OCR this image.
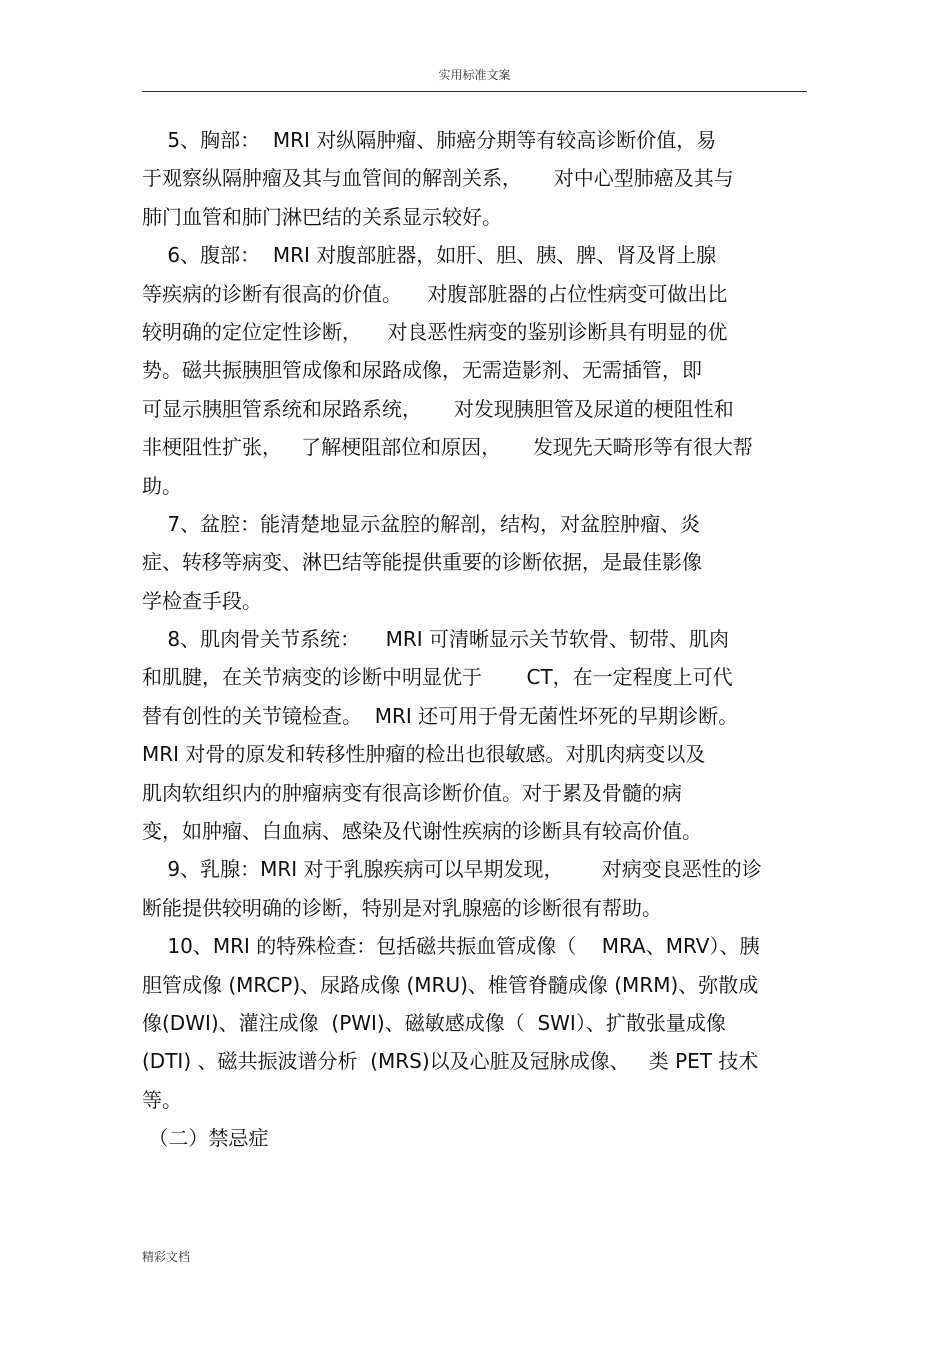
实用标准文案
5、胸部：  MRI 对纵隔肿瘤、肺癌分期等有较高诊断价值，易
于观察纵隔肿瘤及其与血管间的解剖关系，     对中心型肺癌及其与
肺门血管和肺门淋巴结的关系显示较好。
6、腹部：  MRI 对腹部脏器，如肝、胆、胰、脾、肾及肾上腺
等疾病的诊断有很高的价值。    对腹部脏器的占位性病变可做出比
较明确的定位定性诊断，    对良恶性病变的鉴别诊断具有明显的优
势。磁共振胰胆管成像和尿路成像，无需造影剂、无需插管，即
可显示胰胆管系统和尿路系统，     对发现胰胆管及尿道的梗阻性和
非梗阻性扩张，   了解梗阻部位和原因，     发现先天畸形等有很大帮
助。
7、盆腔：能清楚地显示盆腔的解剖，结构，对盆腔肿瘤、炎
症、转移等病变、淋巴结等能提供重要的诊断依据，是最佳影像
学检查手段。
8、肌肉骨关节系统：    MRI 可清晰显示关节软骨、韧带、肌肉
和肌腱，在关节病变的诊断中明显优于       CT，在一定程度上可代
替有创性的关节镜检查。  MRI 还可用于骨无菌性坏死的早期诊断。
MRI 对骨的原发和转移性肿瘤的检出也很敏感。对肌肉病变以及
肌肉软组织内的肿瘤病变有很高诊断价值。对于累及骨髓的病
变，如肿瘤、白血病、感染及代谢性疾病的诊断具有较高价值。
9、乳腺：MRI 对于乳腺疾病可以早期发现，      对病变良恶性的诊
断能提供较明确的诊断，特别是对乳腺癌的诊断很有帮助。
10、MRI 的特殊检查：包括磁共振血管成像（    MRA、MRV）、胰
胆管成像 (MRCP)、尿路成像 (MRU)、椎管脊髓成像 (MRM)、弥散成
像(DWI)、灌注成像  (PWI)、磁敏感成像（  SWI）、扩散张量成像
(DTI) 、磁共振波谱分析  (MRS)以及心脏及冠脉成像、   类 PET 技术
等。
（二）禁忌症
精彩文档
